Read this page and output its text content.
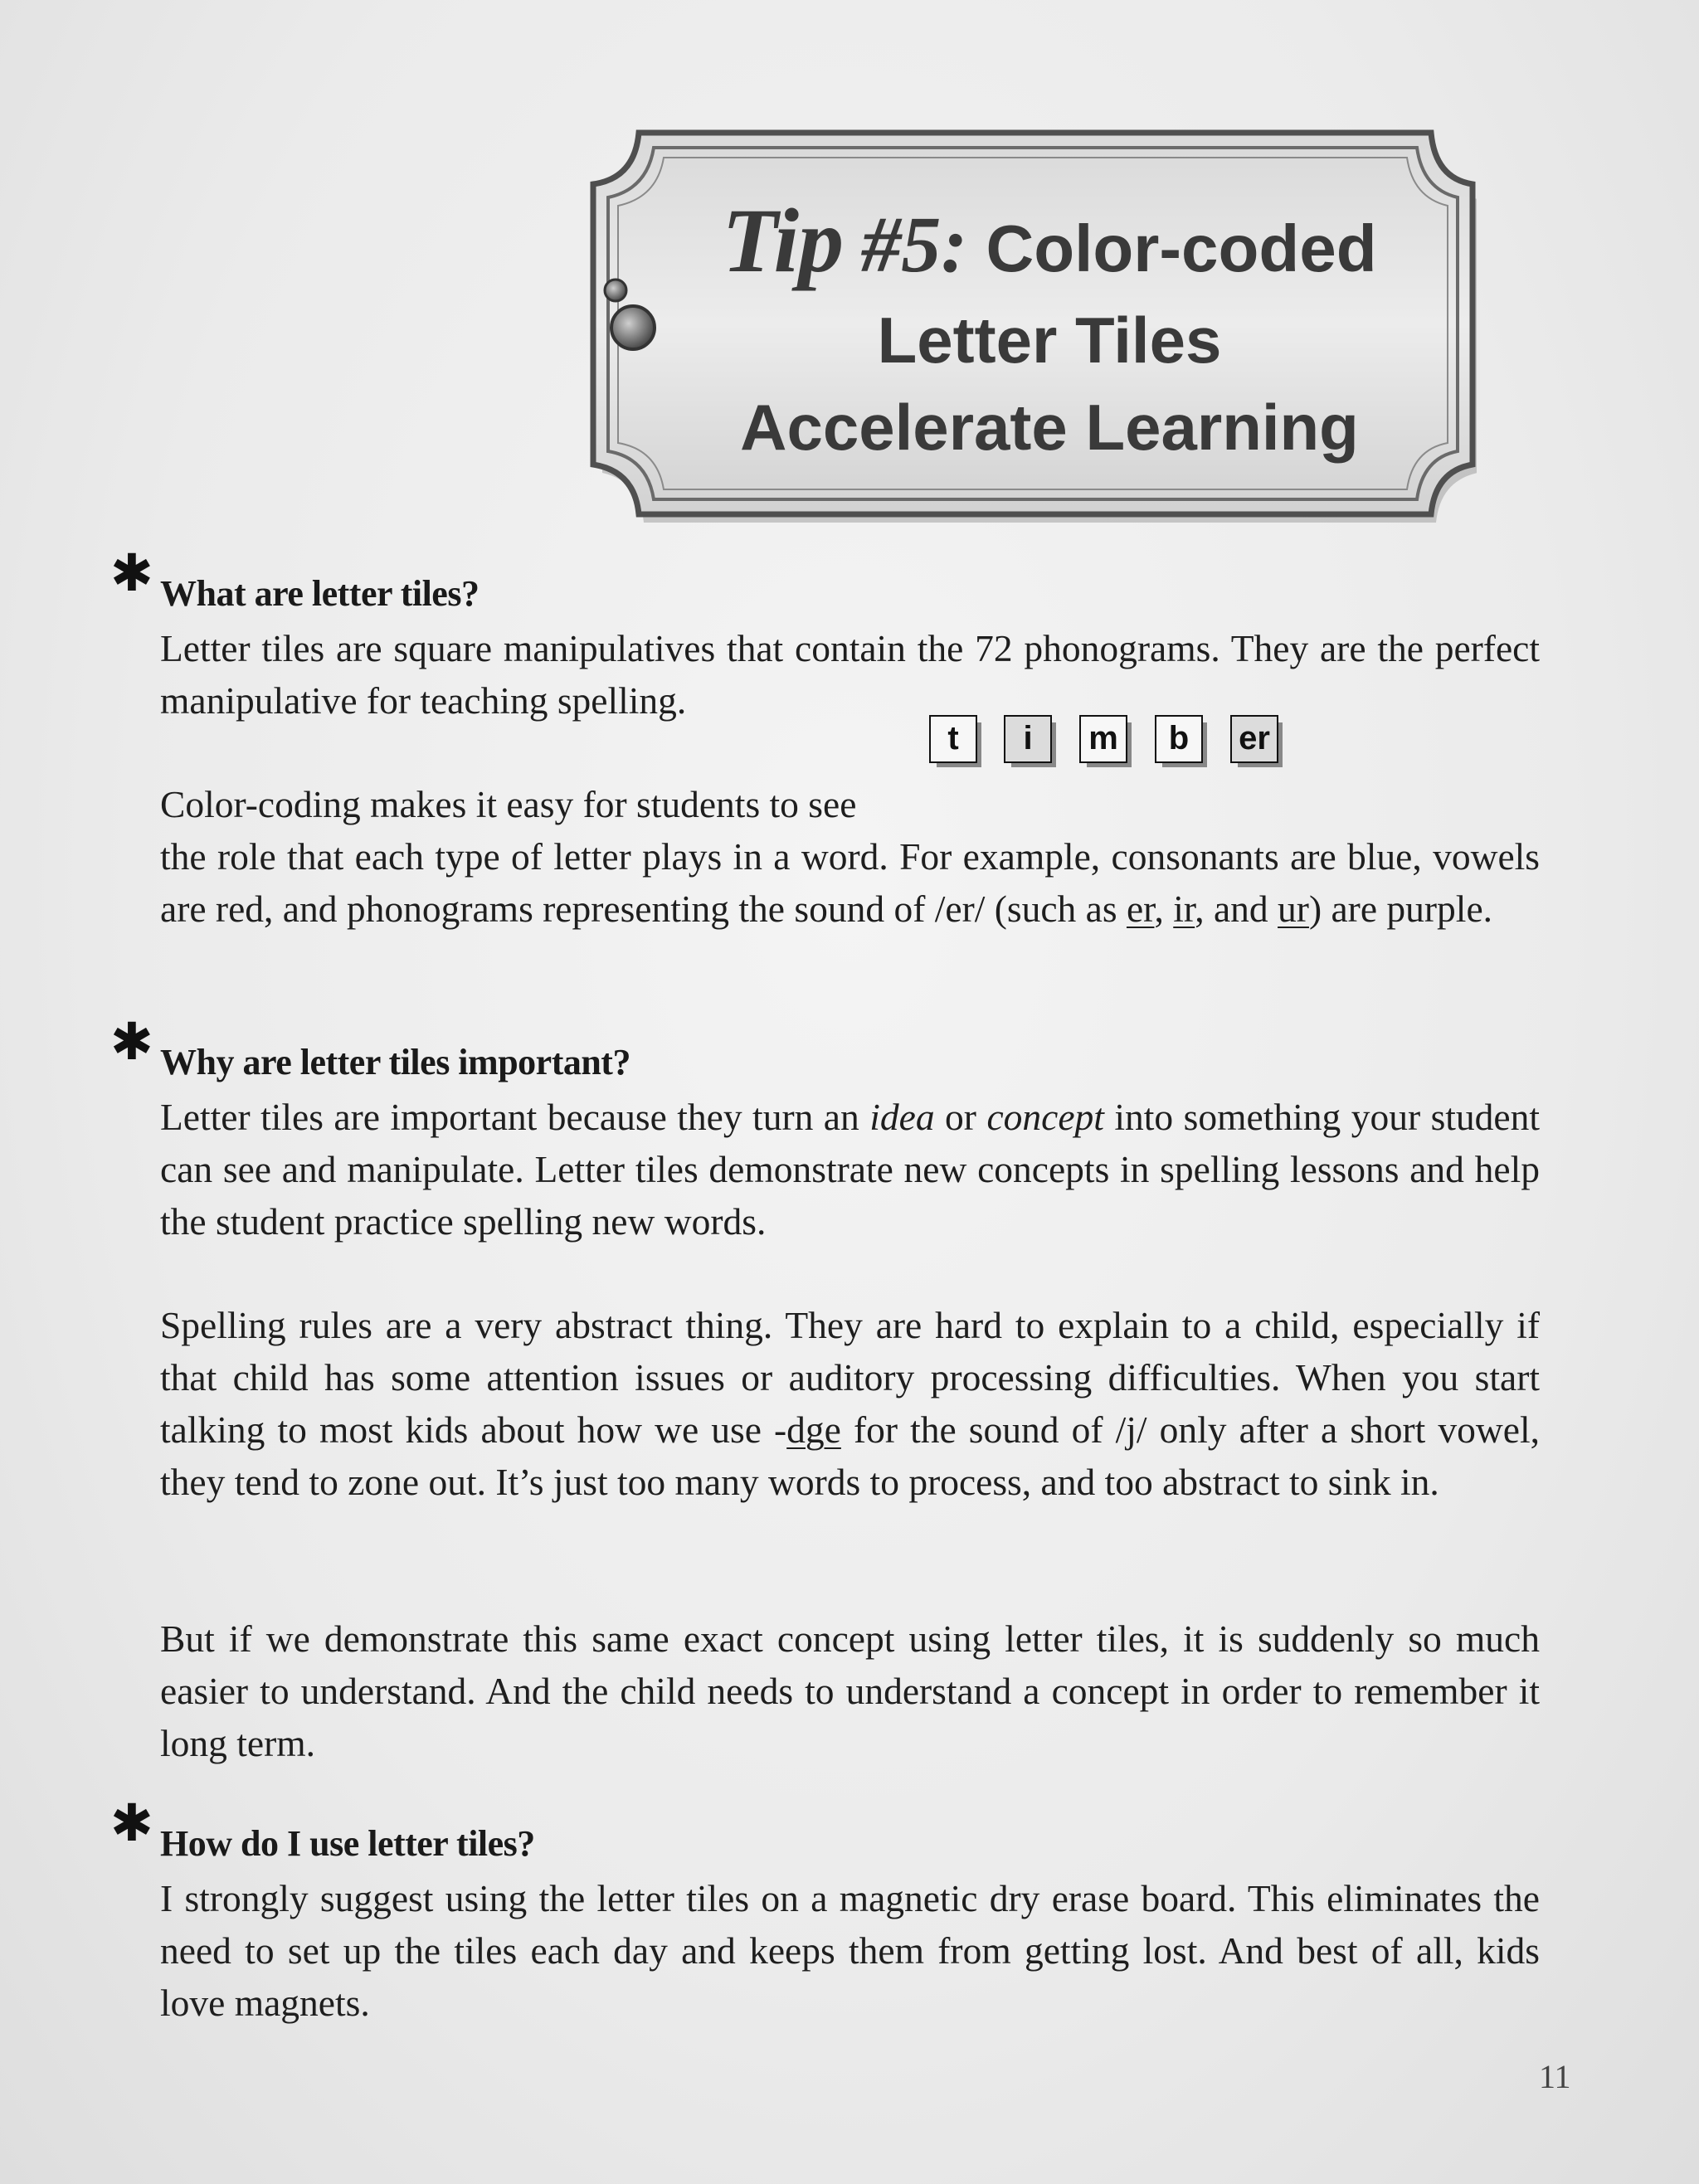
Tip #5: Color-coded
Letter Tiles
Accelerate Learning
✱ What are letter tiles?

Letter tiles are square manipulatives that contain the 72 phonograms. They are the perfect manipulative for teaching spelling.

t	i	m	b	er

Color-coding makes it easy for students to see

the role that each type of letter plays in a word. For example, consonants are blue, vowels are red, and phonograms representing the sound of /er/ (such as er, ir, and ur) are purple.

✱ Why are letter tiles important?

Letter tiles are important because they turn an idea or concept into something your student can see and manipulate. Letter tiles demonstrate new concepts in spelling lessons and help the student practice spelling new words.

Spelling rules are a very abstract thing. They are hard to explain to a child, especially if that child has some attention issues or auditory processing difficulties. When you start talking to most kids about how we use -dge for the sound of /j/ only after a short vowel, they tend to zone out. It’s just too many words to process, and too abstract to sink in.

But if we demonstrate this same exact concept using letter tiles, it is suddenly so much easier to understand. And the child needs to understand a concept in order to remember it long term.

✱ How do I use letter tiles?

I strongly suggest using the letter tiles on a magnetic dry erase board. This eliminates the need to set up the tiles each day and keeps them from getting lost. And best of all, kids love magnets.

11
